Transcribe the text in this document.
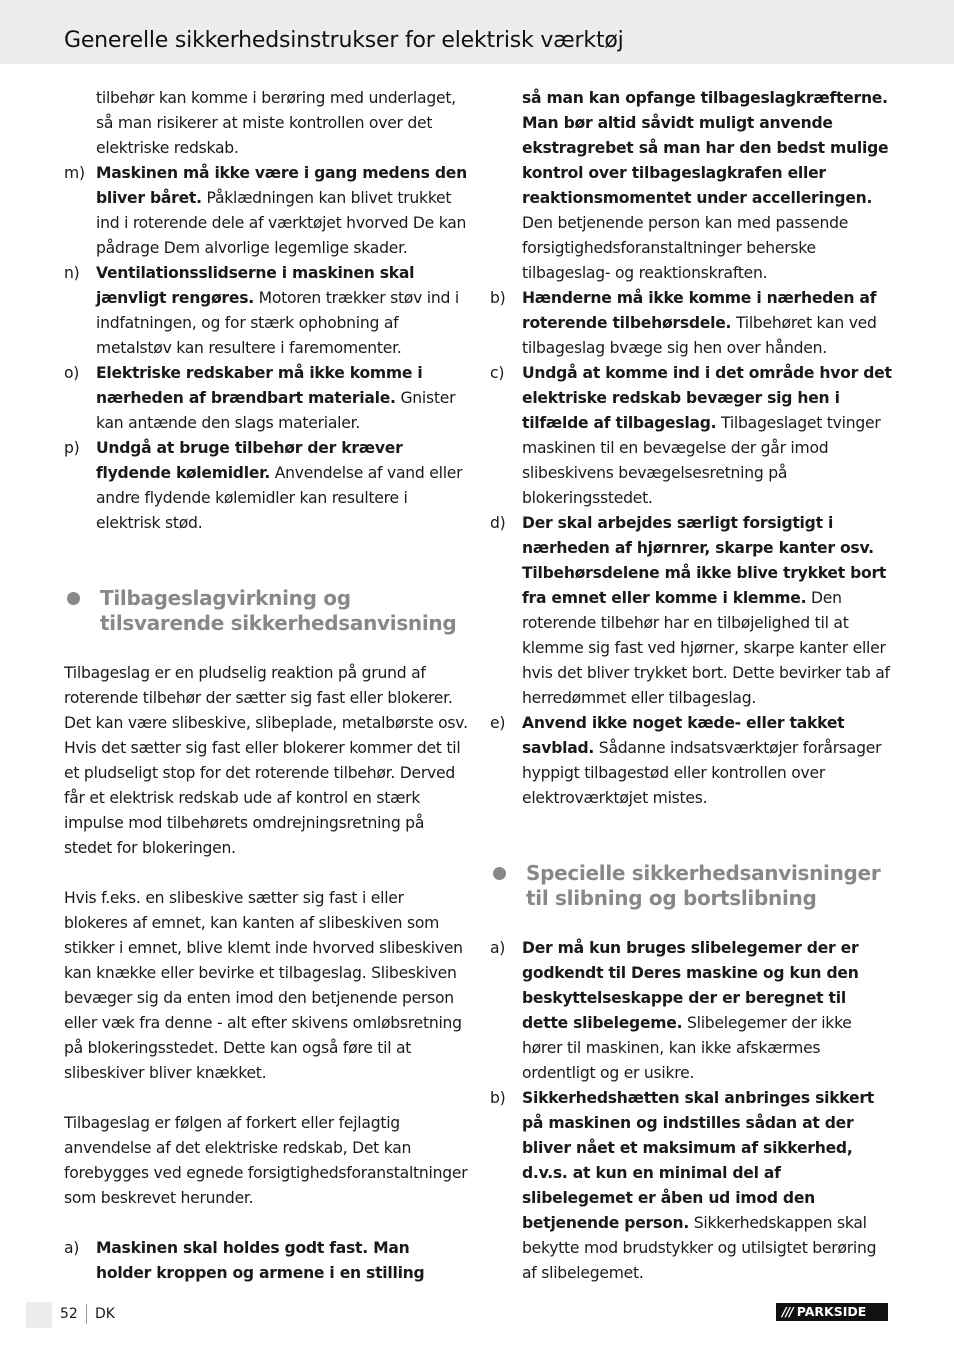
Generelle sikkerhedsinstrukser for elektrisk værktøj

tilbehør kan komme i berøring med underlaget, så man risikerer at miste kontrollen over det elektriske redskab.

m) Maskinen må ikke være i gang medens den bliver båret. Påklædningen kan blivet trukket ind i roterende dele af værktøjet hvorved De kan pådrage Dem alvorlige legemlige skader.
n)	Ventilationsslidserne i maskinen skal jænvligt rengøres. Motoren trækker støv ind i indfatningen, og for stærk ophobning af metalstøv kan resultere i faremomenter.
o)	Elektriske redskaber må ikke komme i nærheden af brændbart materiale. Gnister kan antænde den slags materialer.
p)	Undgå at bruge tilbehør der kræver flydende kølemidler. Anvendelse af vand eller andre flydende kølemidler kan resultere i elektrisk stød.
Tilbageslagvirkning og tilsvarende sikkerhedsanvisning

Tilbageslag er en pludselig reaktion på grund af roterende tilbehør der sætter sig fast eller blokerer. Det kan være slibeskive, slibeplade, metalbørste osv. Hvis det sætter sig fast eller blokerer kommer det til et pludseligt stop for det roterende tilbehør. Derved får et elektrisk redskab ude af kontrol en stærk impulse mod tilbehørets omdrejningsretning på stedet for blokeringen.

Hvis f.eks. en slibeskive sætter sig fast i eller blokeres af emnet, kan kanten af slibeskiven som stikker i emnet, blive klemt inde hvorved slibeskiven kan knække eller bevirke et tilbageslag. Slibeskiven bevæger sig da enten imod den betjenende person eller væk fra denne - alt efter skivens omløbsretning på blokeringsstedet. Dette kan også føre til at slibeskiver bliver knækket.

Tilbageslag er følgen af forkert eller fejlagtig anvendelse af det elektriske redskab, Det kan forebygges ved egnede forsigtighedsforanstaltninger som beskrevet herunder.

a)	Maskinen skal holdes godt fast. Man holder kroppen og armene i en stilling

så man kan opfange tilbageslagkræfterne. Man bør altid såvidt muligt anvende ekstragrebet så man har den bedst mulige kontrol over tilbageslagkrafen eller reaktionsmomentet under accelleringen. Den betjenende person kan med passende forsigtighedsforanstaltninger beherske tilbageslag- og reaktionskraften.

b)	Hænderne må ikke komme i nærheden af roterende tilbehørsdele. Tilbehøret kan ved tilbageslag bvæge sig hen over hånden.
c)	Undgå at komme ind i det område hvor det elektriske redskab bevæger sig hen i tilfælde af tilbageslag. Tilbageslaget tvinger maskinen til en bevægelse der går imod slibeskivens bevægelsesretning på blokeringsstedet.
d)	Der skal arbejdes særligt forsigtigt i nærheden af hjørnrer, skarpe kanter osv. Tilbehørsdelene må ikke blive trykket bort fra emnet eller komme i klemme. Den roterende tilbehør har en tilbøjelighed til at klemme sig fast ved hjørner, skarpe kanter eller hvis det bliver trykket bort. Dette bevirker tab af herredømmet eller tilbageslag.
e)	Anvend ikke noget kæde- eller takket savblad. Sådanne indsatsværktøjer forårsager hyppigt tilbagestød eller kontrollen over elektroværktøjet mistes.
Specielle sikkerhedsanvisninger til slibning og bortslibning
a)	Der må kun bruges slibelegemer der er godkendt til Deres maskine og kun den beskyttelseskappe der er beregnet til dette slibelegeme. Slibelegemer der ikke hører til maskinen, kan ikke afskærmes ordentligt og er usikre.
b)	Sikkerhedshætten skal anbringes sikkert på maskinen og indstilles sådan at der bliver nået et maksimum af sikkerhed, d.v.s. at kun en minimal del af slibelegemet er åben ud imod den betjenende person. Sikkerhedskappen skal bekytte mod brudstykker og utilsigtet berøring af slibelegemet.
52 DK	/// PARKSIDE
